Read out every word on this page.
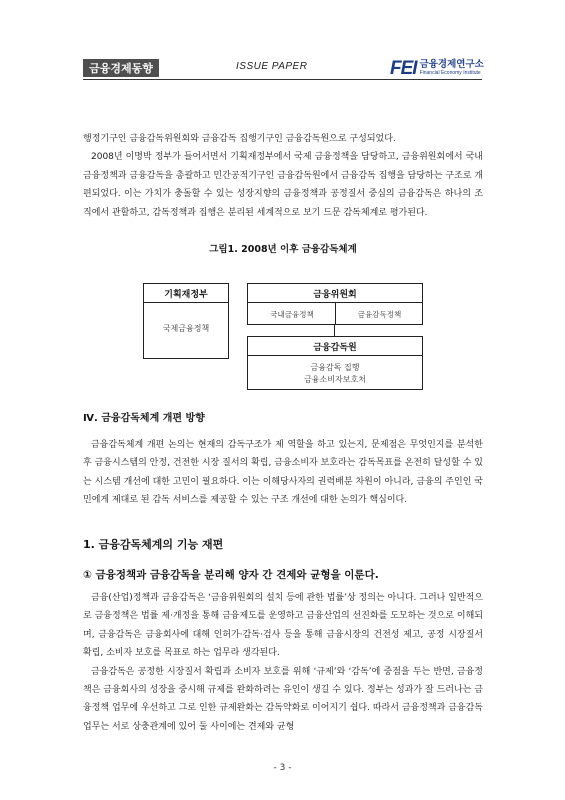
금융경제동향	ISSUE PAPER	FEI 금융경제연구소
Financial Economy Institute

행정기구인 금융감독위원회와 금융감독 집행기구인 금융감독원으로 구성되었다.

2008년 이명박 정부가 들어서면서 기획재정부에서 국제 금융정책을 담당하고, 금융위원회에서 국내 금융정책과 금융감독을 총괄하고 민간공적기구인 금융감독원에서 금융감독 집행을 담당하는 구조로 개편되었다. 이는 가치가 충돌할 수 있는 성장지향의 금융정책과 공정질서 중심의 금융감독은 하나의 조직에서 관할하고, 감독정책과 집행은 분리된 세계적으로 보기 드문 감독체계로 평가된다.

그림1. 2008년 이후 금융감독체계
기획재정부
국제금융정책
금융위원회
국내금융정책	금융감독정책
금융감독원
금융감독 집행
금융소비자보호처
Ⅳ. 금융감독체계 개편 방향

금융감독체계 개편 논의는 현재의 감독구조가 제 역할을 하고 있는지, 문제점은 무엇인지를 분석한 후 금융시스템의 안정, 건전한 시장 질서의 확립, 금융소비자 보호라는 감독목표를 온전히 달성할 수 있는 시스템 개선에 대한 고민이 필요하다. 이는 이해당사자의 권력배분 차원이 아니라, 금융의 주인인 국민에게 제대로 된 감독 서비스를 제공할 수 있는 구조 개선에 대한 논의가 핵심이다.

1. 금융감독체계의 기능 재편
① 금융정책과 금융감독을 분리해 양자 간 견제와 균형을 이룬다.

금융(산업)정책과 금융감독은 ‘금융위원회의 설치 등에 관한 법률’상 정의는 아니다. 그러나 일반적으로 금융정책은 법률 제·개정을 통해 금융제도를 운영하고 금융산업의 선진화를 도모하는 것으로 이해되며, 금융감독은 금융회사에 대해 인허가·감독·검사 등을 통해 금융시장의 건전성 제고, 공정 시장질서 확립, 소비자 보호를 목표로 하는 업무라 생각된다.

금융감독은 공정한 시장질서 확립과 소비자 보호를 위해 ‘규제’와 ‘감독’에 중점을 두는 반면, 금융정책은 금융회사의 성장을 중시해 규제를 완화하려는 유인이 생길 수 있다. 정부는 성과가 잘 드러나는 금융정책 업무에 우선하고 그로 인한 규제완화는 감독약화로 이어지기 쉽다. 따라서 금융정책과 금융감독 업무는 서로 상충관계에 있어 둘 사이에는 견제와 균형

- 3 -
